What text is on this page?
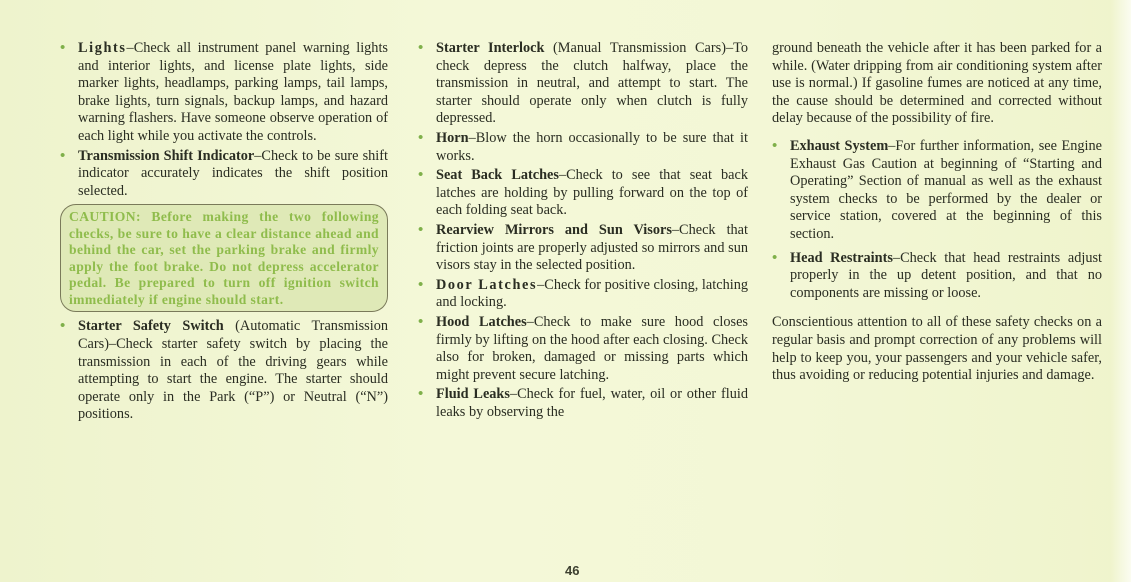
• Lights–Check all instrument panel warning lights and interior lights, and license plate lights, side marker lights, headlamps, parking lamps, tail lamps, brake lights, turn signals, backup lamps, and hazard warning flashers. Have someone observe operation of each light while you activate the controls.
• Transmission Shift Indicator–Check to be sure shift indicator accurately indicates the shift position selected.
CAUTION: Before making the two following checks, be sure to have a clear distance ahead and behind the car, set the parking brake and firmly apply the foot brake. Do not depress accelerator pedal. Be prepared to turn off ignition switch immediately if engine should start.
• Starter Safety Switch (Automatic Transmission Cars)–Check starter safety switch by placing the transmission in each of the driving gears while attempting to start the engine. The starter should operate only in the Park (“P”) or Neutral (“N”) positions.
• Starter Interlock (Manual Transmission Cars)–To check depress the clutch halfway, place the transmission in neutral, and attempt to start. The starter should operate only when clutch is fully depressed.
• Horn–Blow the horn occasionally to be sure that it works.
• Seat Back Latches–Check to see that seat back latches are holding by pulling forward on the top of each folding seat back.
• Rearview Mirrors and Sun Visors–Check that friction joints are properly adjusted so mirrors and sun visors stay in the selected position.
• Door Latches–Check for positive closing, latching and locking.
• Hood Latches–Check to make sure hood closes firmly by lifting on the hood after each closing. Check also for broken, damaged or missing parts which might prevent secure latching.
• Fluid Leaks–Check for fuel, water, oil or other fluid leaks by observing the
ground beneath the vehicle after it has been parked for a while. (Water dripping from air conditioning system after use is normal.) If gasoline fumes are noticed at any time, the cause should be determined and corrected without delay because of the possibility of fire.
• Exhaust System–For further information, see Engine Exhaust Gas Caution at beginning of “Starting and Operating” Section of manual as well as the exhaust system checks to be performed by the dealer or service station, covered at the beginning of this section.
• Head Restraints–Check that head restraints adjust properly in the up detent position, and that no components are missing or loose.
Conscientious attention to all of these safety checks on a regular basis and prompt correction of any problems will help to keep you, your passengers and your vehicle safer, thus avoiding or reducing potential injuries and damage.
46
